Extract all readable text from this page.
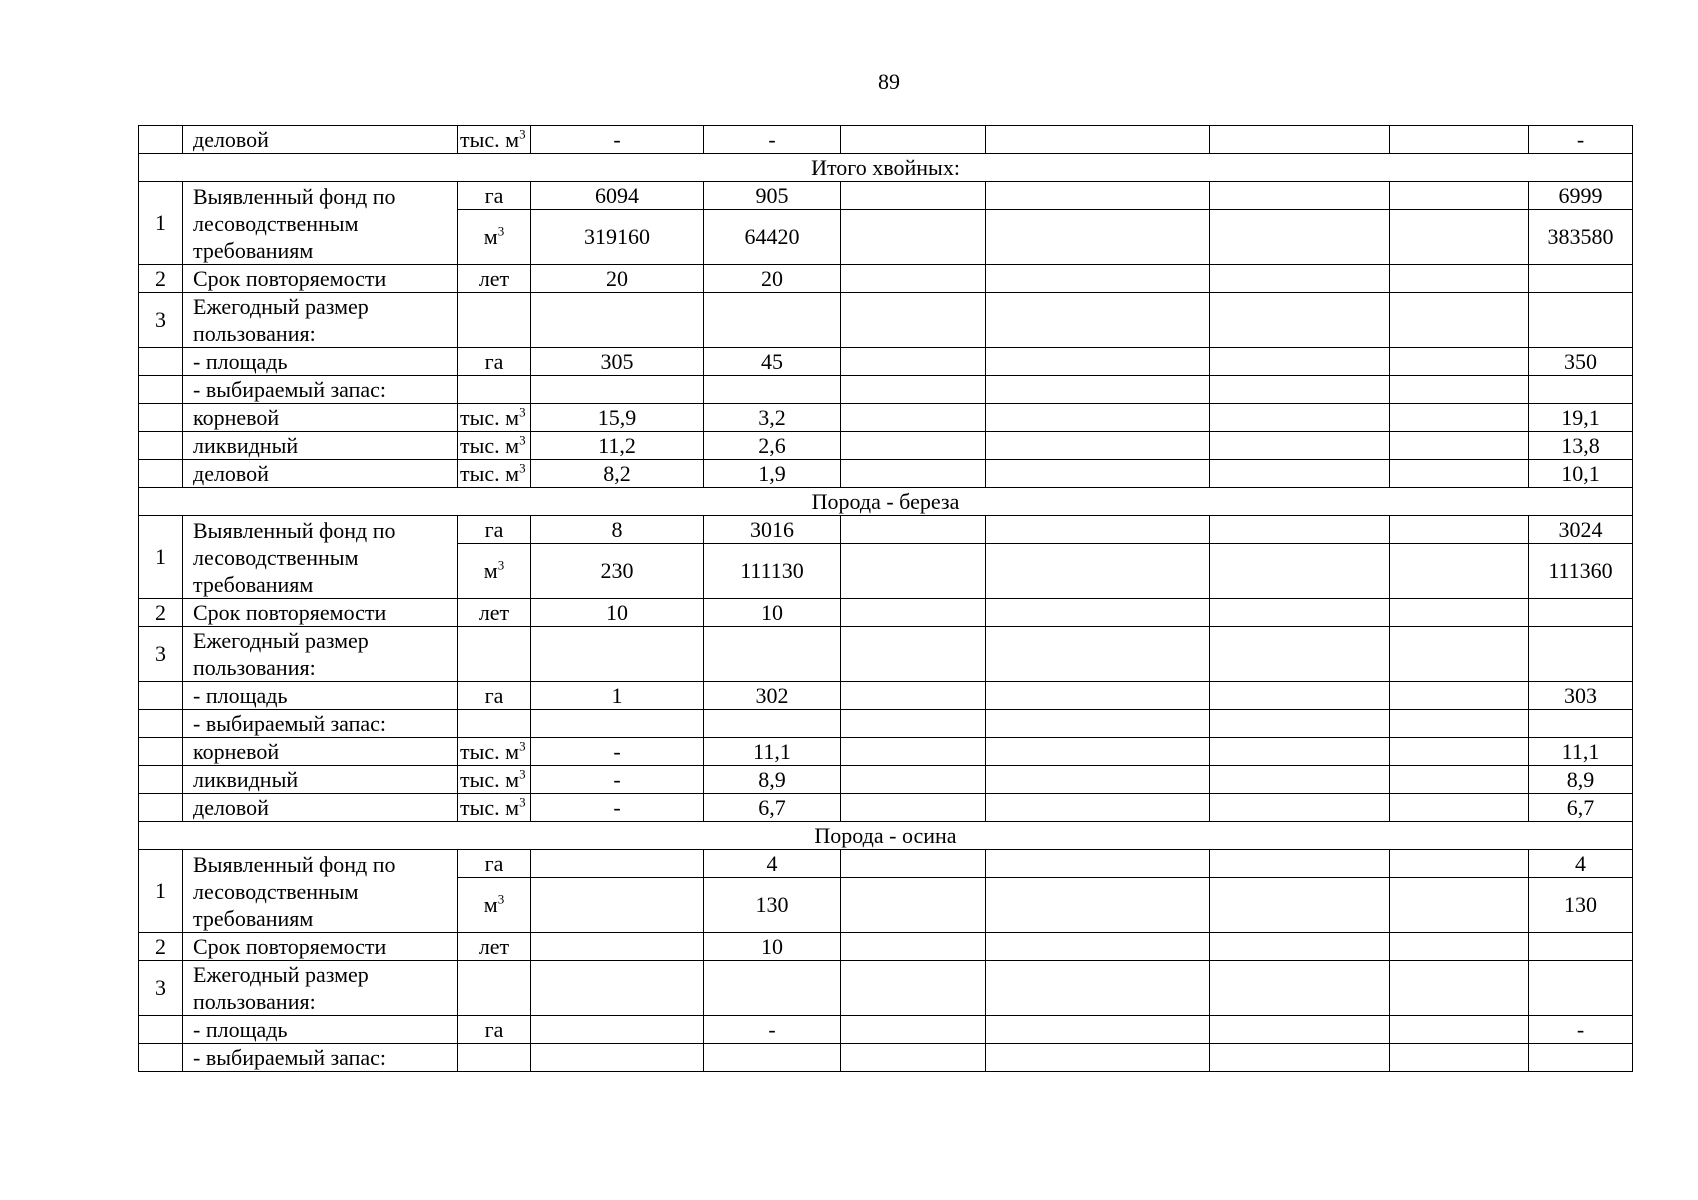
89
	деловой	тыс. $м^3$	-	-					-
Итого хвойных:									
1	Выявленный фонд по лесоводственным требованиям	га	6094	905					6999
		$м^3$	319160	64420					383580
2	Срок повторяемости	лет	20	20					
3	Ежегодный размер пользования:								
	- площадь	га	305	45					350
	- выбираемый запас:								
	корневой	тыс. $м^3$	15,9	3,2					19,1
	ликвидный	тыс. $м^3$	11,2	2,6					13,8
	деловой	тыс. $м^3$	8,2	1,9					10,1
Порода - береза									
1	Выявленный фонд по лесоводственным требованиям	га	8	3016					3024
		$м^3$	230	111130					111360
2	Срок повторяемости	лет	10	10					
3	Ежегодный размер пользования:								
	- площадь	га	1	302					303
	- выбираемый запас:								
	корневой	тыс. $м^3$	-	11,1					11,1
	ликвидный	тыс. $м^3$	-	8,9					8,9
	деловой	тыс. $м^3$	-	6,7					6,7
Порода - осина									
1	Выявленный фонд по лесоводственным требованиям	га		4					4
		$м^3$		130					130
2	Срок повторяемости	лет		10					
3	Ежегодный размер пользования:								
	- площадь	га		-					-
	- выбираемый запас:								
